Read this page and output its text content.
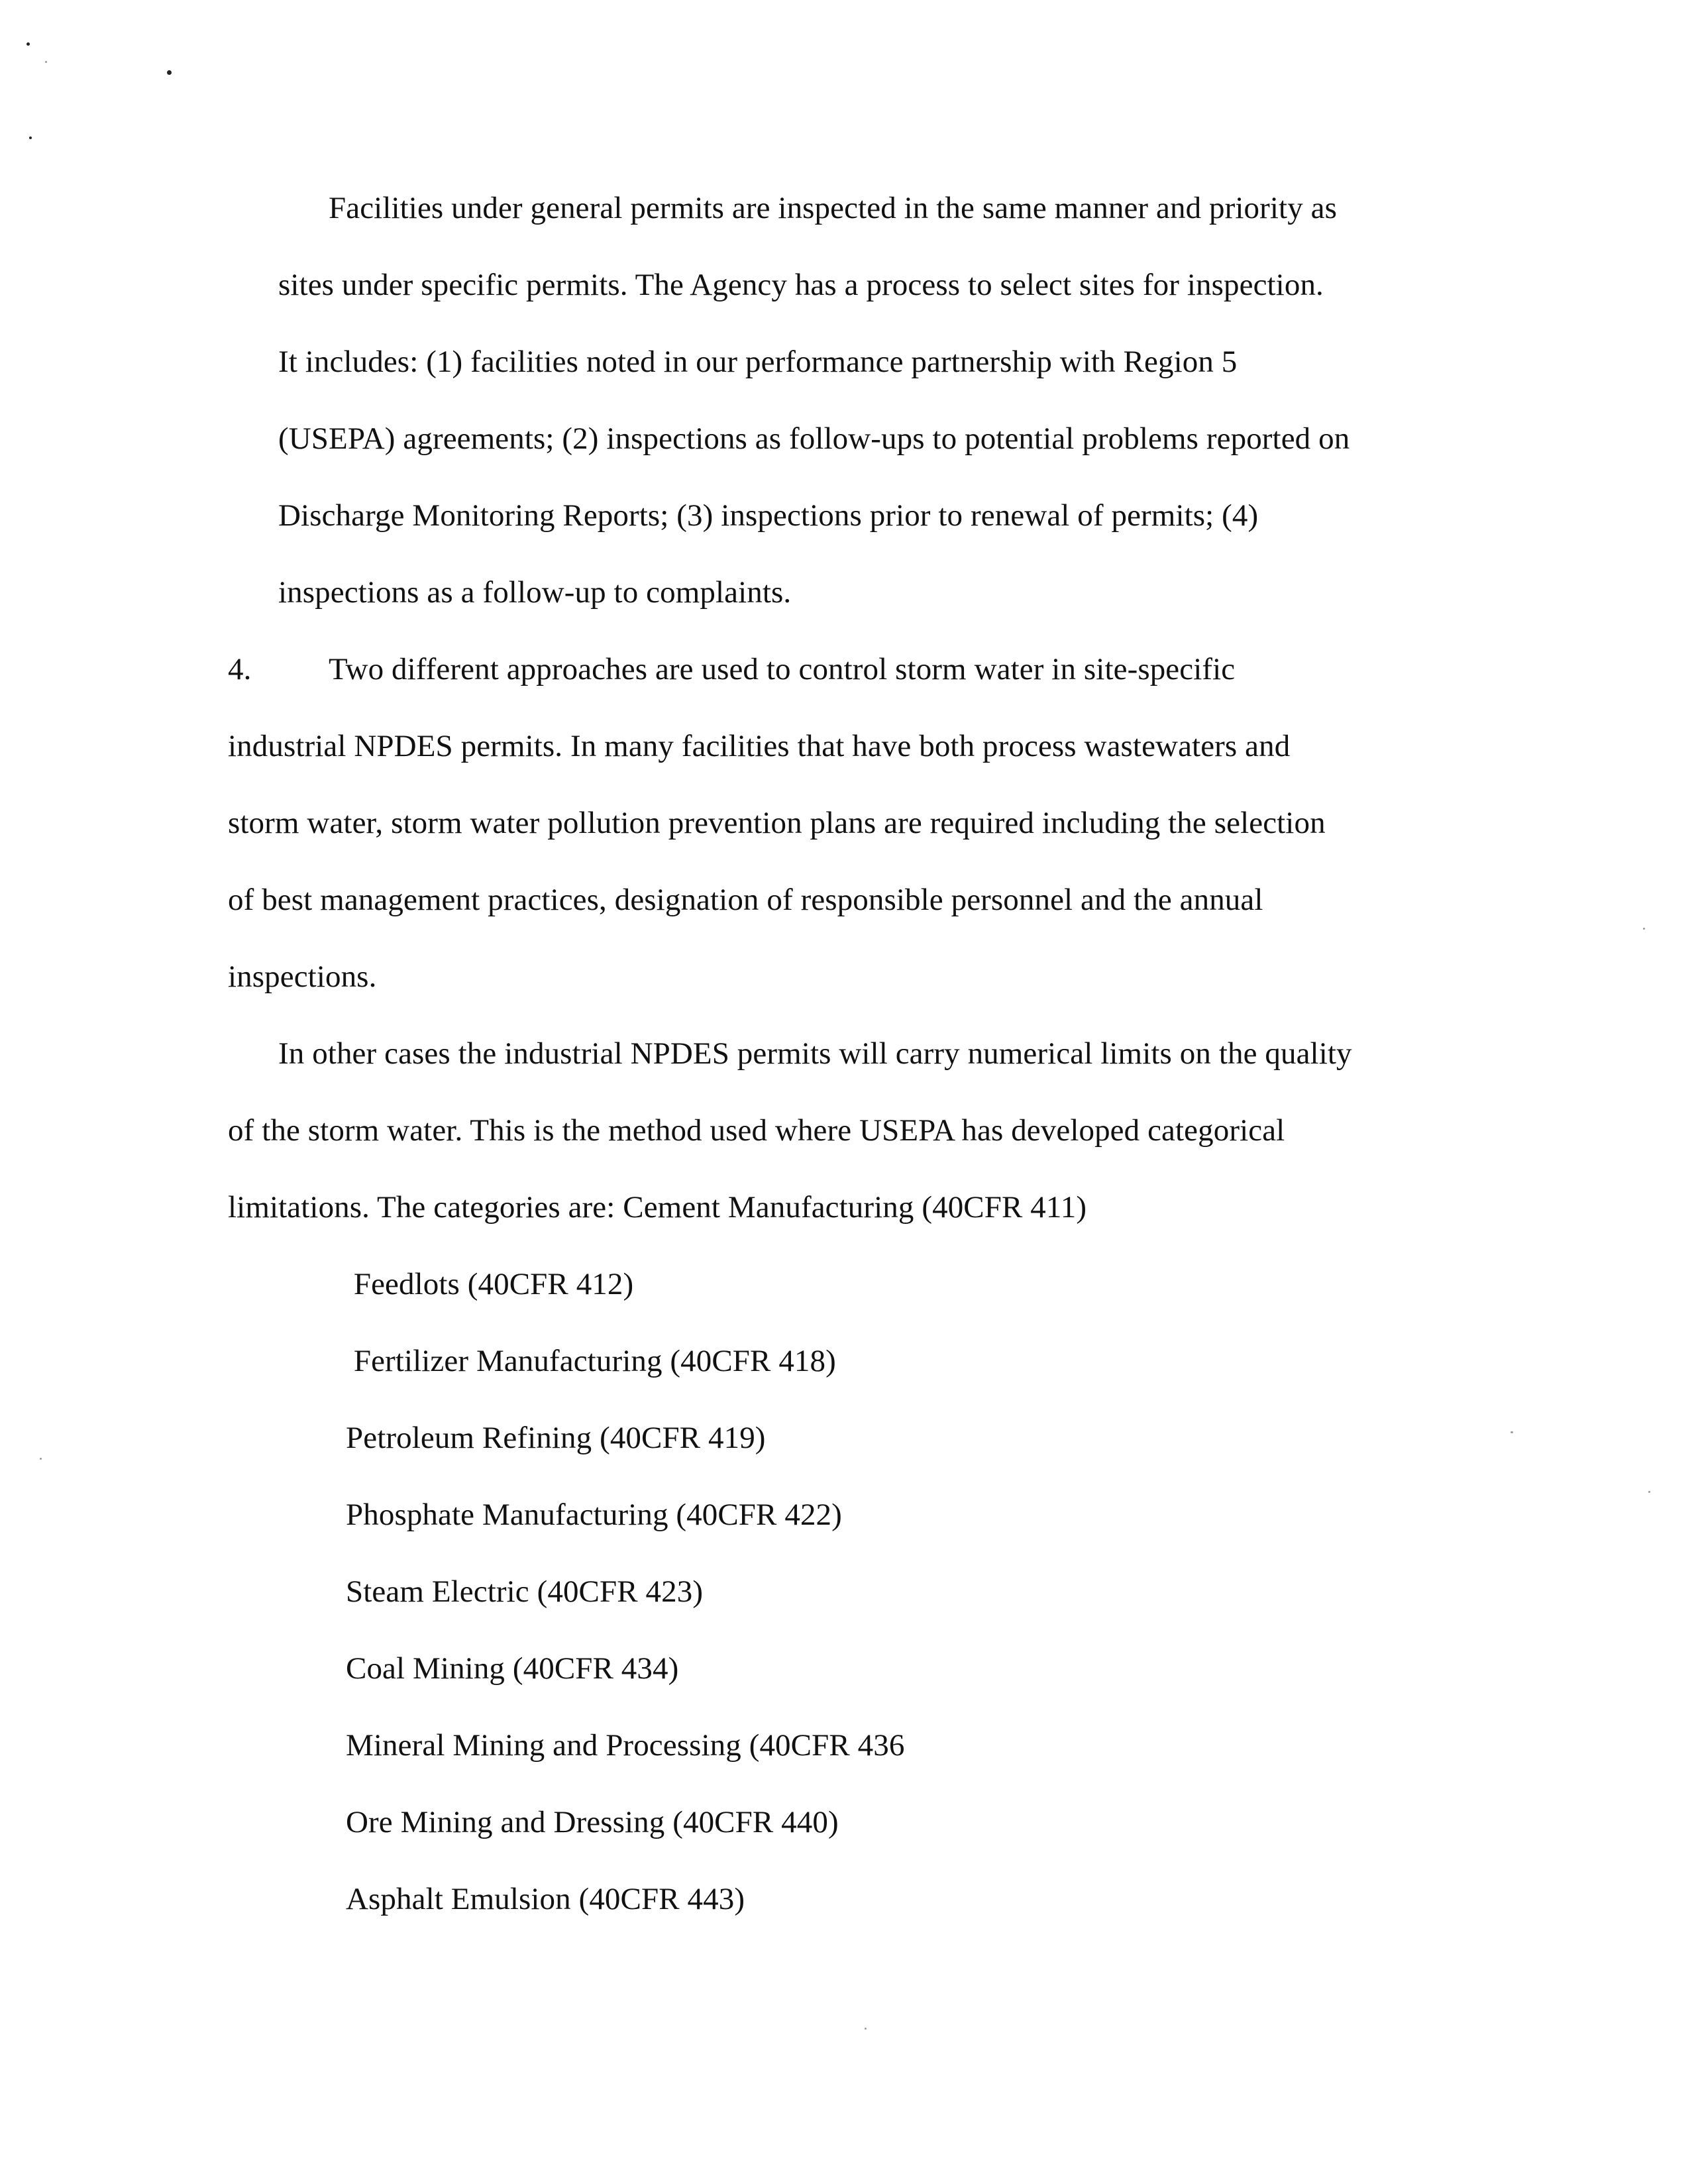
Facilities under general permits are inspected in the same manner and priority as
sites under specific permits. The Agency has a process to select sites for inspection.
It includes: (1) facilities noted in our performance partnership with Region 5
(USEPA) agreements; (2) inspections as follow-ups to potential problems reported on
Discharge Monitoring Reports; (3) inspections prior to renewal of permits; (4)
inspections as a follow-up to complaints.
4. Two different approaches are used to control storm water in site-specific
industrial NPDES permits. In many facilities that have both process wastewaters and
storm water, storm water pollution prevention plans are required including the selection
of best management practices, designation of responsible personnel and the annual
inspections.
In other cases the industrial NPDES permits will carry numerical limits on the quality
of the storm water. This is the method used where USEPA has developed categorical
limitations. The categories are: Cement Manufacturing (40CFR 411)
Feedlots (40CFR 412)
Fertilizer Manufacturing (40CFR 418)
Petroleum Refining (40CFR 419)
Phosphate Manufacturing (40CFR 422)
Steam Electric (40CFR 423)
Coal Mining (40CFR 434)
Mineral Mining and Processing (40CFR 436
Ore Mining and Dressing (40CFR 440)
Asphalt Emulsion (40CFR 443)
